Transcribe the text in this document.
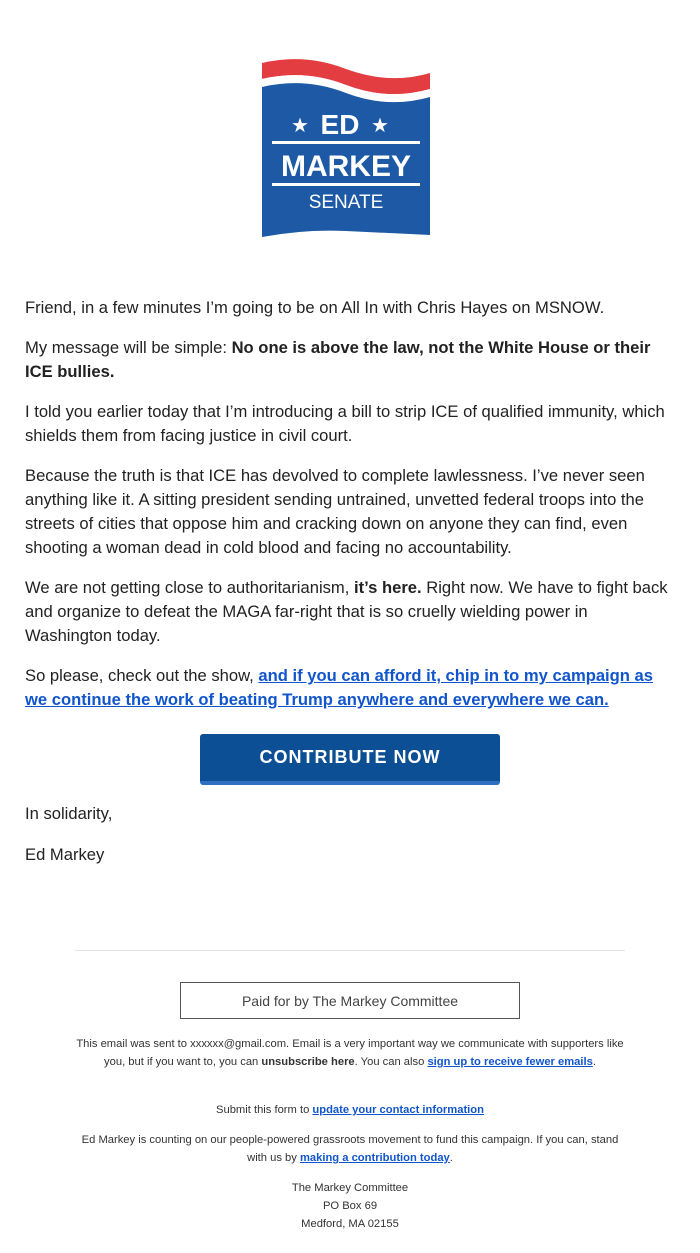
★	★
ED
MARKEY
SENATE

Friend, in a few minutes I’m going to be on All In with Chris Hayes on MSNOW.

My message will be simple: No one is above the law, not the White House or their ICE bullies.

I told you earlier today that I’m introducing a bill to strip ICE of qualified immunity, which shields them from facing justice in civil court.

Because the truth is that ICE has devolved to complete lawlessness. I’ve never seen anything like it. A sitting president sending untrained, unvetted federal troops into the streets of cities that oppose him and cracking down on anyone they can find, even shooting a woman dead in cold blood and facing no accountability.

We are not getting close to authoritarianism, it’s here. Right now. We have to fight back and organize to defeat the MAGA far-right that is so cruelly wielding power in Washington today.

So please, check out the show, and if you can afford it, chip in to my campaign as we continue the work of beating Trump anywhere and everywhere we can.

CONTRIBUTE NOW
In solidarity,
Ed Markey
Paid for by The Markey Committee
This email was sent to xxxxxx@gmail.com. Email is a very important way we communicate with supporters like you, but if you want to, you can unsubscribe here. You can also sign up to receive fewer emails.
Submit this form to update your contact information
Ed Markey is counting on our people-powered grassroots movement to fund this campaign. If you can, stand with us by making a contribution today.
The Markey Committee
PO Box 69
Medford, MA 02155
